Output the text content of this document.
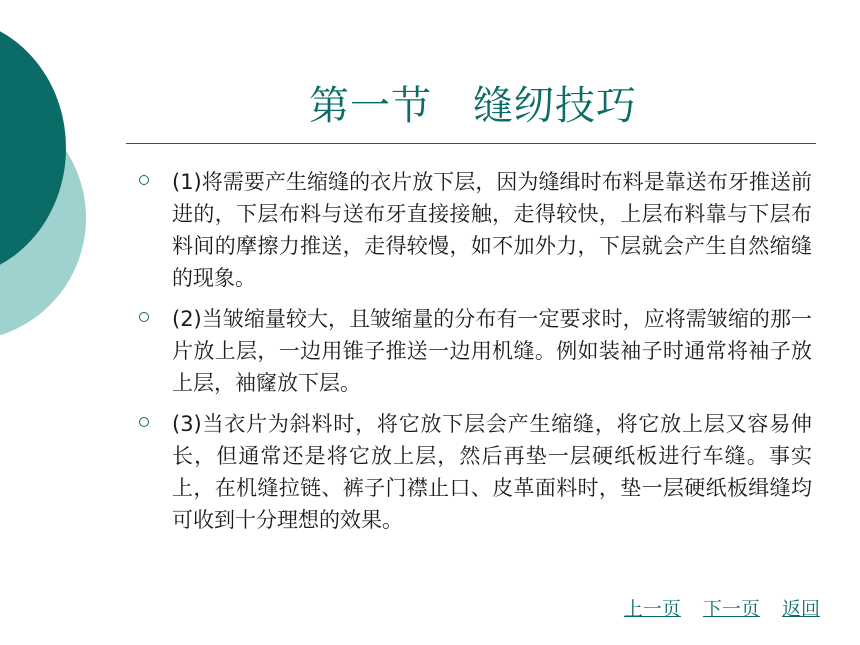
第一节　缝纫技巧
(1)将需要产生缩缝的衣片放下层，因为缝缉时布料是靠送布牙推送前进的，下层布料与送布牙直接接触，走得较快，上层布料靠与下层布料间的摩擦力推送，走得较慢，如不加外力，下层就会产生自然缩缝的现象。
(2)当皱缩量较大，且皱缩量的分布有一定要求时，应将需皱缩的那一片放上层，一边用锥子推送一边用机缝。例如装袖子时通常将袖子放上层，袖窿放下层。
(3)当衣片为斜料时，将它放下层会产生缩缝，将它放上层又容易伸长，但通常还是将它放上层，然后再垫一层硬纸板进行车缝。事实上，在机缝拉链、裤子门襟止口、皮革面料时，垫一层硬纸板缉缝均可收到十分理想的效果。
上一页 下一页 返回
